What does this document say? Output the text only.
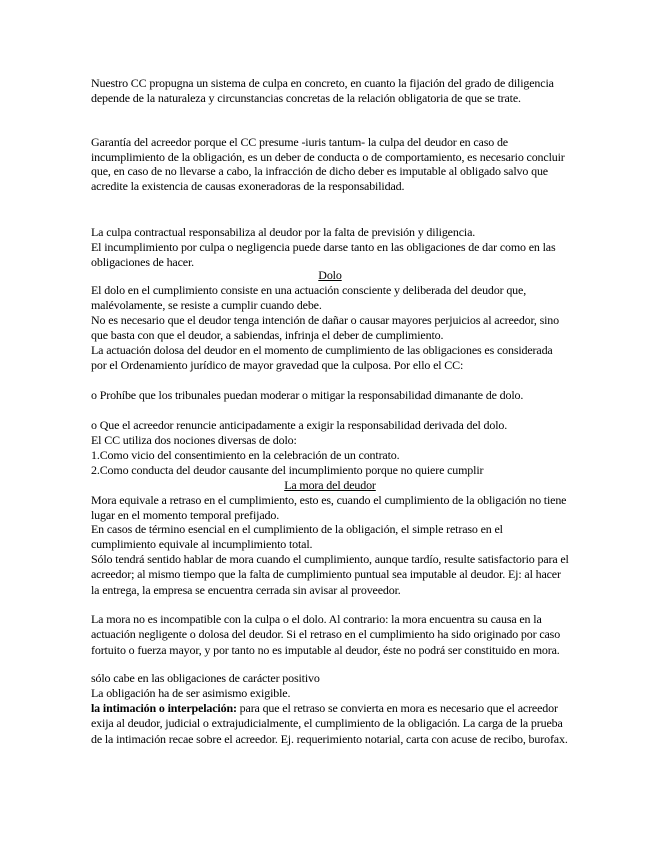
Nuestro CC propugna un sistema de culpa en concreto, en cuanto la fijación del grado de diligencia depende de la naturaleza y circunstancias concretas de la relación obligatoria de que se trate.

Garantía del acreedor porque el CC presume -iuris tantum- la culpa del deudor en caso de incumplimiento de la obligación, es un deber de conducta o de comportamiento, es necesario concluir que, en caso de no llevarse a cabo, la infracción de dicho deber es imputable al obligado salvo que acredite la existencia de causas exoneradoras de la responsabilidad.

La culpa contractual responsabiliza al deudor por la falta de previsión y diligencia.

El incumplimiento por culpa o negligencia puede darse tanto en las obligaciones de dar como en las obligaciones de hacer.

Dolo

El dolo en el cumplimiento consiste en una actuación consciente y deliberada del deudor que, malévolamente, se resiste a cumplir cuando debe.

No es necesario que el deudor tenga intención de dañar o causar mayores perjuicios al acreedor, sino que basta con que el deudor, a sabiendas, infrinja el deber de cumplimiento.

La actuación dolosa del deudor en el momento de cumplimiento de las obligaciones es considerada por el Ordenamiento jurídico de mayor gravedad que la culposa. Por ello el CC:

o Prohíbe que los tribunales puedan moderar o mitigar la responsabilidad dimanante de dolo.

o Que el acreedor renuncie anticipadamente a exigir la responsabilidad derivada del dolo.

El CC utiliza dos nociones diversas de dolo:

1.Como vicio del consentimiento en la celebración de un contrato.

2.Como conducta del deudor causante del incumplimiento porque no quiere cumplir

La mora del deudor

Mora equivale a retraso en el cumplimiento, esto es, cuando el cumplimiento de la obligación no tiene lugar en el momento temporal prefijado.

En casos de término esencial en el cumplimiento de la obligación, el simple retraso en el cumplimiento equivale al incumplimiento total.

Sólo tendrá sentido hablar de mora cuando el cumplimiento, aunque tardío, resulte satisfactorio para el acreedor; al mismo tiempo que la falta de cumplimiento puntual sea imputable al deudor. Ej: al hacer la entrega, la empresa se encuentra cerrada sin avisar al proveedor.

La mora no es incompatible con la culpa o el dolo. Al contrario: la mora encuentra su causa en la actuación negligente o dolosa del deudor. Si el retraso en el cumplimiento ha sido originado por caso fortuito o fuerza mayor, y por tanto no es imputable al deudor, éste no podrá ser constituido en mora.

sólo cabe en las obligaciones de carácter positivo

La obligación ha de ser asimismo exigible.

la intimación o interpelación: para que el retraso se convierta en mora es necesario que el acreedor exija al deudor, judicial o extrajudicialmente, el cumplimiento de la obligación. La carga de la prueba de la intimación recae sobre el acreedor. Ej. requerimiento notarial, carta con acuse de recibo, burofax.
